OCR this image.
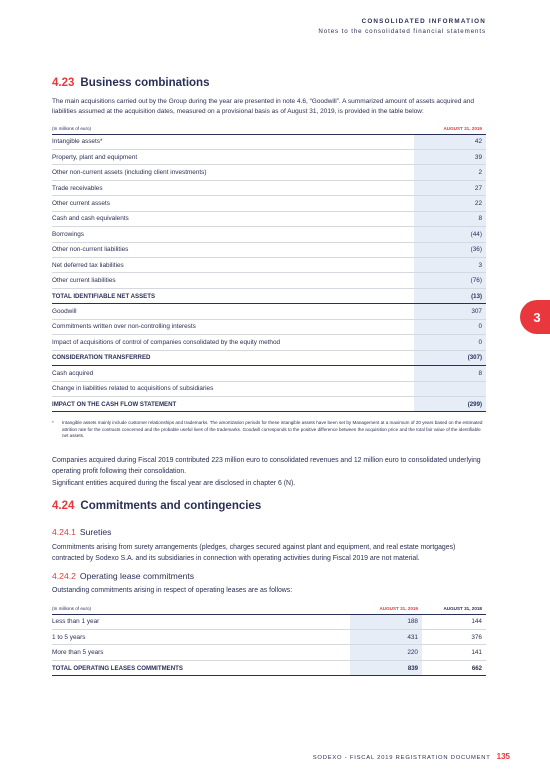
CONSOLIDATED INFORMATION
Notes to the consolidated financial statements
3
4.23 Business combinations
The main acquisitions carried out by the Group during the year are presented in note 4.6, “Goodwill”. A summarized amount of assets acquired and liabilities assumed at the acquisition dates, measured on a provisional basis as of August 31, 2019, is provided in the table below:
(In millions of euro)	AUGUST 31, 2019
Intangible assets*	42
Property, plant and equipment	39
Other non-current assets (including client investments)	2
Trade receivables	27
Other current assets	22
Cash and cash equivalents	8
Borrowings	(44)
Other non-current liabilities	(36)
Net deferred tax liabilities	3
Other current liabilities	(76)
TOTAL IDENTIFIABLE NET ASSETS	(13)
Goodwill	307
Commitments written over non-controlling interests	0
Impact of acquisitions of control of companies consolidated by the equity method	0
CONSIDERATION TRANSFERRED	(307)
Cash acquired	8
Change in liabilities related to acquisitions of subsidiaries	
IMPACT ON THE CASH FLOW STATEMENT	(299)
*	Intangible assets mainly include customer relationships and trademarks. The amortization periods for these intangible assets have been set by Management at a maximum of 20 years based on the estimated attrition rate for the contracts concerned and the probable useful lives of the trademarks. Goodwill corresponds to the positive difference between the acquisition price and the total fair value of the identifiable net assets.
Companies acquired during Fiscal 2019 contributed 223 million euro to consolidated revenues and 12 million euro to consolidated underlying operating profit following their consolidation.
Significant entities acquired during the fiscal year are disclosed in chapter 6 (N).
4.24 Commitments and contingencies
4.24.1 Sureties
Commitments arising from surety arrangements (pledges, charges secured against plant and equipment, and real estate mortgages) contracted by Sodexo S.A. and its subsidiaries in connection with operating activities during Fiscal 2019 are not material.
4.24.2 Operating lease commitments
Outstanding commitments arising in respect of operating leases are as follows:
(In millions of euro)	AUGUST 31, 2019	AUGUST 31, 2018
Less than 1 year	188	144
1 to 5 years	431	376
More than 5 years	220	141
TOTAL OPERATING LEASES COMMITMENTS	839	662
SODEXO - FISCAL 2019 REGISTRATION DOCUMENT 135
